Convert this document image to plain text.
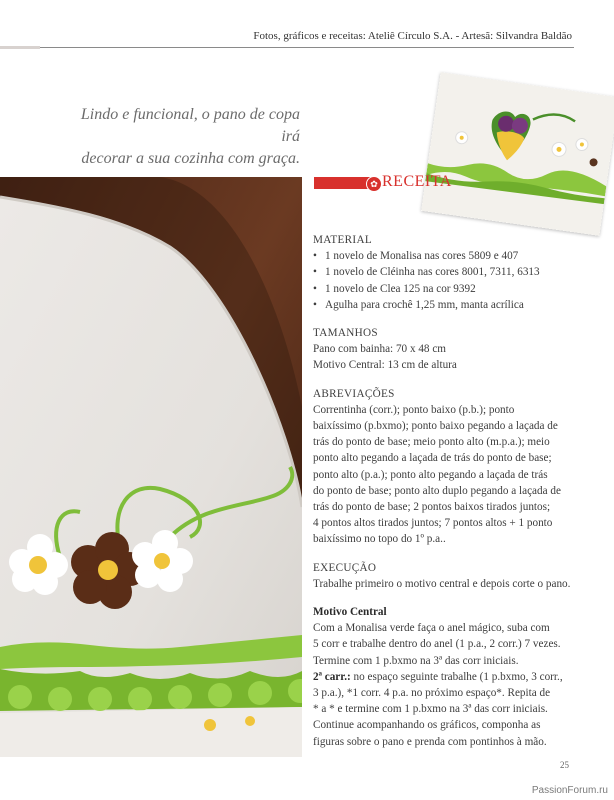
Fotos, gráficos e receitas: Ateliê Círculo S.A. - Artesã: Silvandra Baldão
Lindo e funcional, o pano de copa irá
decorar a sua cozinha com graça.
✿ RECEITA

MATERIAL

• 1 novelo de Monalisa nas cores 5809 e 407
• 1 novelo de Cléinha nas cores 8001, 7311, 6313
• 1 novelo de Clea 125 na cor 9392
• Agulha para crochê 1,25 mm, manta acrílica

TAMANHOS

Pano com bainha: 70 x 48 cm

Motivo Central: 13 cm de altura

ABREVIAÇÕES

Correntinha (corr.); ponto baixo (p.b.); ponto

baixíssimo (p.bxmo); ponto baixo pegando a laçada de

trás do ponto de base; meio ponto alto (m.p.a.); meio

ponto alto pegando a laçada de trás do ponto de base;

ponto alto (p.a.); ponto alto pegando a laçada de trás

do ponto de base; ponto alto duplo pegando a laçada de

trás do ponto de base; 2 pontos baixos tirados juntos;

4 pontos altos tirados juntos; 7 pontos altos + 1 ponto

baixíssimo no topo do 1º p.a..

EXECUÇÃO

Trabalhe primeiro o motivo central e depois corte o pano.

Motivo Central

Com a Monalisa verde faça o anel mágico, suba com

5 corr e trabalhe dentro do anel (1 p.a., 2 corr.) 7 vezes.

Termine com 1 p.bxmo na 3ª das corr iniciais.

2ª carr.: no espaço seguinte trabalhe (1 p.bxmo, 3 corr.,

3 p.a.), *1 corr. 4 p.a. no próximo espaço*. Repita de

* a * e termine com 1 p.bxmo na 3ª das corr iniciais.

Continue acompanhando os gráficos, componha as

figuras sobre o pano e prenda com pontinhos à mão.

25
PassionForum.ru
